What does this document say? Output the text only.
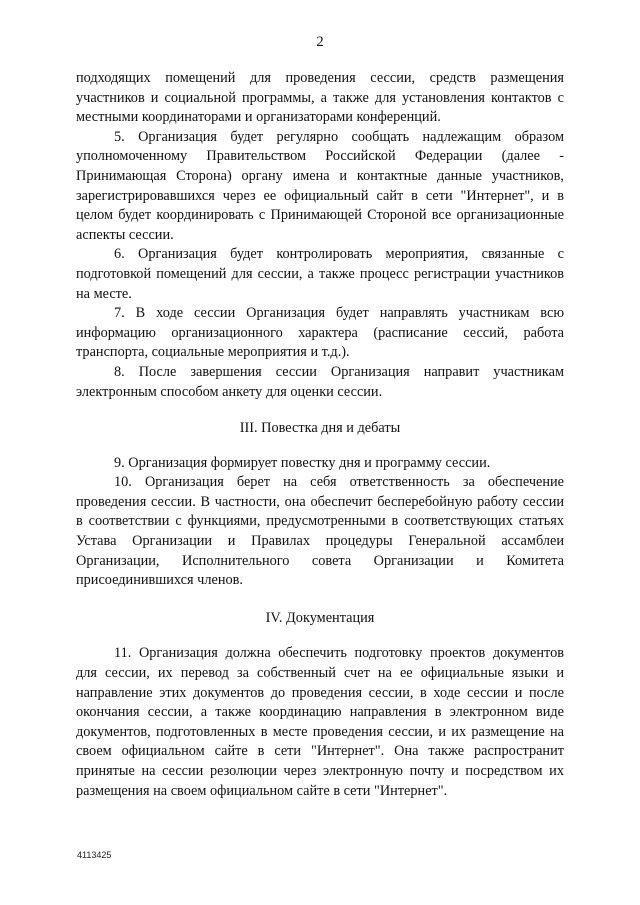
2

подходящих помещений для проведения сессии, средств размещения участников и социальной программы, а также для установления контактов с местными координаторами и организаторами конференций.

5. Организация будет регулярно сообщать надлежащим образом уполномоченному Правительством Российской Федерации (далее - Принимающая Сторона) органу имена и контактные данные участников, зарегистрировавшихся через ее официальный сайт в сети "Интернет", и в целом будет координировать с Принимающей Стороной все организационные аспекты сессии.

6. Организация будет контролировать мероприятия, связанные с подготовкой помещений для сессии, а также процесс регистрации участников на месте.

7. В ходе сессии Организация будет направлять участникам всю информацию организационного характера (расписание сессий, работа транспорта, социальные мероприятия и т.д.).

8. После завершения сессии Организация направит участникам электронным способом анкету для оценки сессии.

III. Повестка дня и дебаты

9. Организация формирует повестку дня и программу сессии.

10. Организация берет на себя ответственность за обеспечение проведения сессии. В частности, она обеспечит бесперебойную работу сессии в соответствии с функциями, предусмотренными в соответствующих статьях Устава Организации и Правилах процедуры Генеральной ассамблеи Организации, Исполнительного совета Организации и Комитета присоединившихся членов.

IV. Документация

11. Организация должна обеспечить подготовку проектов документов для сессии, их перевод за собственный счет на ее официальные языки и направление этих документов до проведения сессии, в ходе сессии и после окончания сессии, а также координацию направления в электронном виде документов, подготовленных в месте проведения сессии, и их размещение на своем официальном сайте в сети "Интернет". Она также распространит принятые на сессии резолюции через электронную почту и посредством их размещения на своем официальном сайте в сети "Интернет".

4113425
